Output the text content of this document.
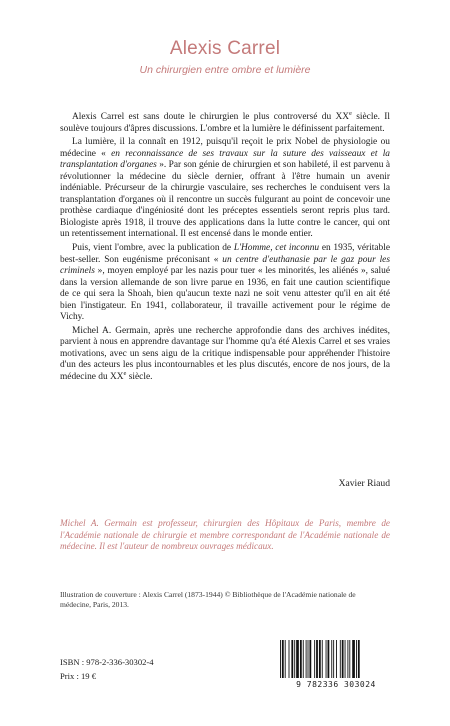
Alexis Carrel
Un chirurgien entre ombre et lumière

Alexis Carrel est sans doute le chirurgien le plus controversé du XXe siècle. Il soulève toujours d'âpres discussions. L'ombre et la lumière le définissent parfaitement.

La lumière, il la connaît en 1912, puisqu'il reçoit le prix Nobel de physiologie ou médecine « en reconnaissance de ses travaux sur la suture des vaisseaux et la transplantation d'organes ». Par son génie de chirurgien et son habileté, il est parvenu à révolutionner la médecine du siècle dernier, offrant à l'être humain un avenir indéniable. Précurseur de la chirurgie vasculaire, ses recherches le conduisent vers la transplantation d'organes où il rencontre un succès fulgurant au point de concevoir une prothèse cardiaque d'ingéniosité dont les préceptes essentiels seront repris plus tard. Biologiste après 1918, il trouve des applications dans la lutte contre le cancer, qui ont un retentissement international. Il est encensé dans le monde entier.

Puis, vient l'ombre, avec la publication de L'Homme, cet inconnu en 1935, véritable best-seller. Son eugénisme préconisant « un centre d'euthanasie par le gaz pour les criminels », moyen employé par les nazis pour tuer « les minorités, les aliénés », salué dans la version allemande de son livre parue en 1936, en fait une caution scientifique de ce qui sera la Shoah, bien qu'aucun texte nazi ne soit venu attester qu'il en ait été bien l'instigateur. En 1941, collaborateur, il travaille activement pour le régime de Vichy.

Michel A. Germain, après une recherche approfondie dans des archives inédites, parvient à nous en apprendre davantage sur l'homme qu'a été Alexis Carrel et ses vraies motivations, avec un sens aigu de la critique indispensable pour appréhender l'histoire d'un des acteurs les plus incontournables et les plus discutés, encore de nos jours, de la médecine du XXe siècle.

Xavier Riaud
Michel A. Germain est professeur, chirurgien des Hôpitaux de Paris, membre de l'Académie nationale de chirurgie et membre correspondant de l'Académie nationale de médecine. Il est l'auteur de nombreux ouvrages médicaux.
Illustration de couverture : Alexis Carrel (1873-1944) © Bibliothèque de l'Académie nationale de médecine, Paris, 2013.
ISBN : 978-2-336-30302-4
Prix : 19 €
9 782336 303024
